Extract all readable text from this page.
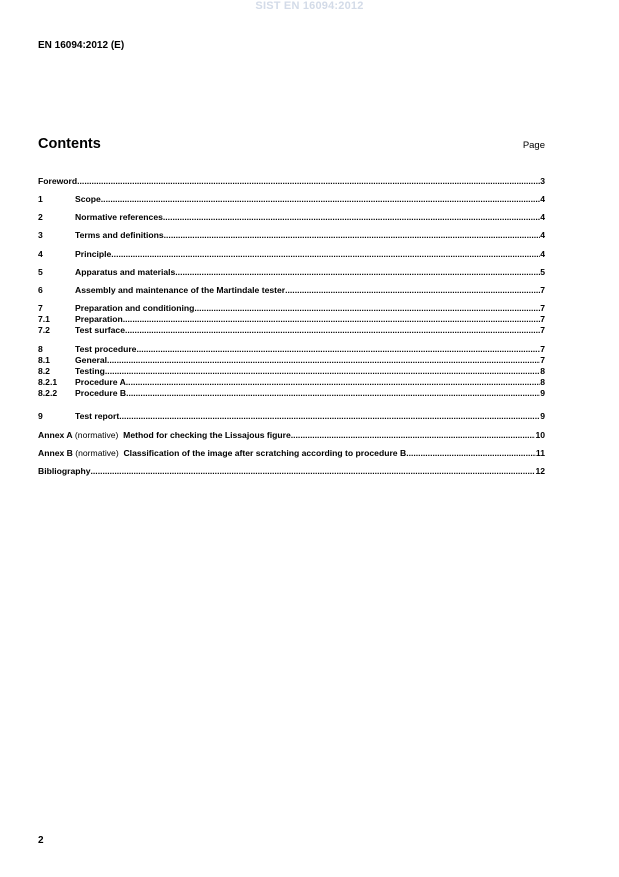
SIST EN 16094:2012
EN 16094:2012 (E)
Contents	Page
Foreword .....	3
1	Scope .....	4
2	Normative references .....	4
3	Terms and definitions .....	4
4	Principle .....	4
5	Apparatus and materials .....	5
6	Assembly and maintenance of the Martindale tester .....	7
7	Preparation and conditioning .....	7
7.1	Preparation .....	7
7.2	Test surface .....	7
8	Test procedure .....	7
8.1	General .....	7
8.2	Testing .....	8
8.2.1	Procedure A .....	8
8.2.2	Procedure B .....	9
9	Test report .....	9
Annex A (normative)  Method for checking the Lissajous figure .....	10
Annex B (normative)  Classification of the image after scratching according to procedure B .....	11
Bibliography .....	12
2
